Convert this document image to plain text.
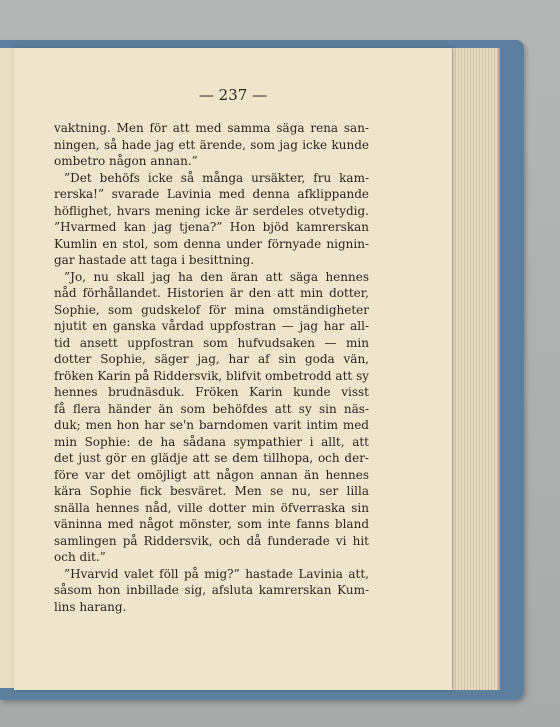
— 237 —
vaktning. Men för att med samma säga rena san-
ningen, så hade jag ett ärende, som jag icke kunde
ombetro någon annan.”
”Det behöfs icke så många ursäkter, fru kam-
rerska!” svarade Lavinia med denna afklippande
höflighet, hvars mening icke är serdeles otvetydig.
”Hvarmed kan jag tjena?” Hon bjöd kamrerskan
Kumlin en stol, som denna under förnyade nignin-
gar hastade att taga i besittning.
”Jo, nu skall jag ha den äran att säga hennes
nåd förhållandet. Historien är den att min dotter,
Sophie, som gudskelof för mina omständigheter
njutit en ganska vårdad uppfostran — jag har all-
tid ansett uppfostran som hufvudsaken — min
dotter Sophie, säger jag, har af sin goda vän,
fröken Karin på Riddersvik, blifvit ombetrodd att sy
hennes brudnäsduk. Fröken Karin kunde visst
få flera händer än som behöfdes att sy sin näs-
duk; men hon har se'n barndomen varit intim med
min Sophie: de ha sådana sympathier i allt, att
det just gör en glädje att se dem tillhopa, och der-
före var det omöjligt att någon annan än hennes
kära Sophie fick besväret. Men se nu, ser lilla
snälla hennes nåd, ville dotter min öfverraska sin
väninna med något mönster, som inte fanns bland
samlingen på Riddersvik, och då funderade vi hit
och dit.”
”Hvarvid valet föll på mig?” hastade Lavinia att,
såsom hon inbillade sig, afsluta kamrerskan Kum-
lins harang.
